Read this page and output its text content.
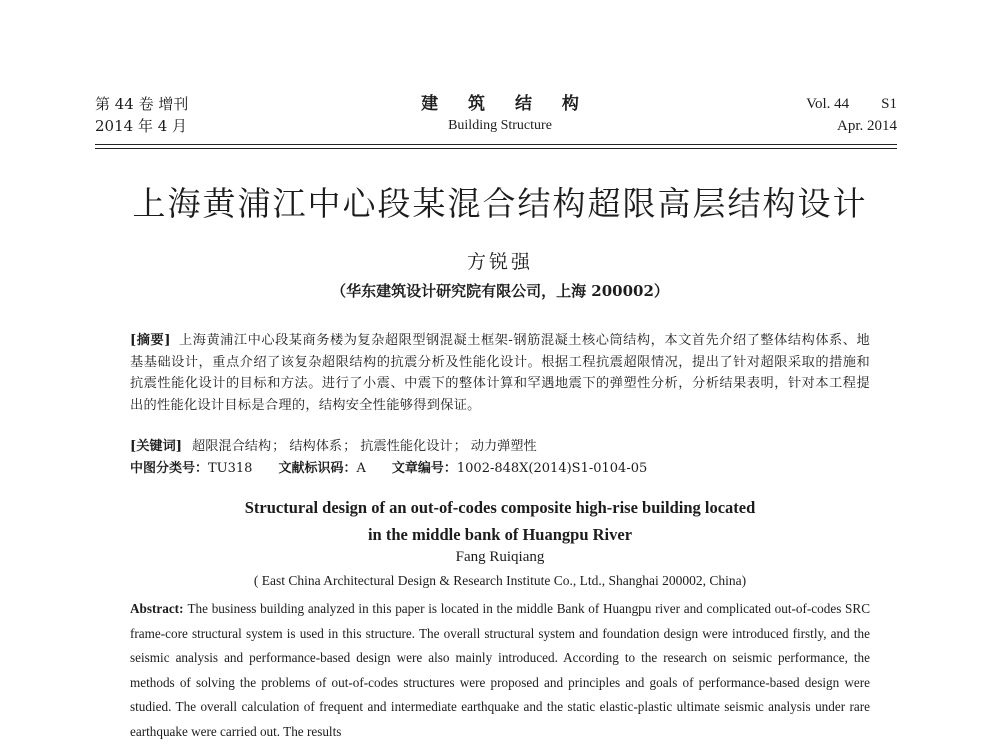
第 44 卷 增刊
2014 年 4 月
建 筑 结 构
Building Structure
Vol. 44 S1
Apr. 2014
上海黄浦江中心段某混合结构超限高层结构设计
方锐强
（华东建筑设计研究院有限公司，上海 200002）
[摘要] 上海黄浦江中心段某商务楼为复杂超限型钢混凝土框架-钢筋混凝土核心筒结构，本文首先介绍了整体结构体系、地基基础设计，重点介绍了该复杂超限结构的抗震分析及性能化设计。根据工程抗震超限情况，提出了针对超限采取的措施和抗震性能化设计的目标和方法。进行了小震、中震下的整体计算和罕遇地震下的弹塑性分析，分析结果表明，针对本工程提出的性能化设计目标是合理的，结构安全性能够得到保证。
[关键词] 超限混合结构； 结构体系； 抗震性能化设计； 动力弹塑性
中图分类号：TU318 文献标识码：A 文章编号：1002-848X(2014)S1-0104-05
Structural design of an out-of-codes composite high-rise building located
in the middle bank of Huangpu River
Fang Ruiqiang
( East China Architectural Design & Research Institute Co., Ltd., Shanghai 200002, China)
Abstract: The business building analyzed in this paper is located in the middle Bank of Huangpu river and complicated out-of-codes SRC frame-core structural system is used in this structure. The overall structural system and foundation design were introduced firstly, and the seismic analysis and performance-based design were also mainly introduced. According to the research on seismic performance, the methods of solving the problems of out-of-codes structures were proposed and principles and goals of performance-based design were studied. The overall calculation of frequent and intermediate earthquake and the static elastic-plastic ultimate seismic analysis under rare earthquake were carried out. The results
